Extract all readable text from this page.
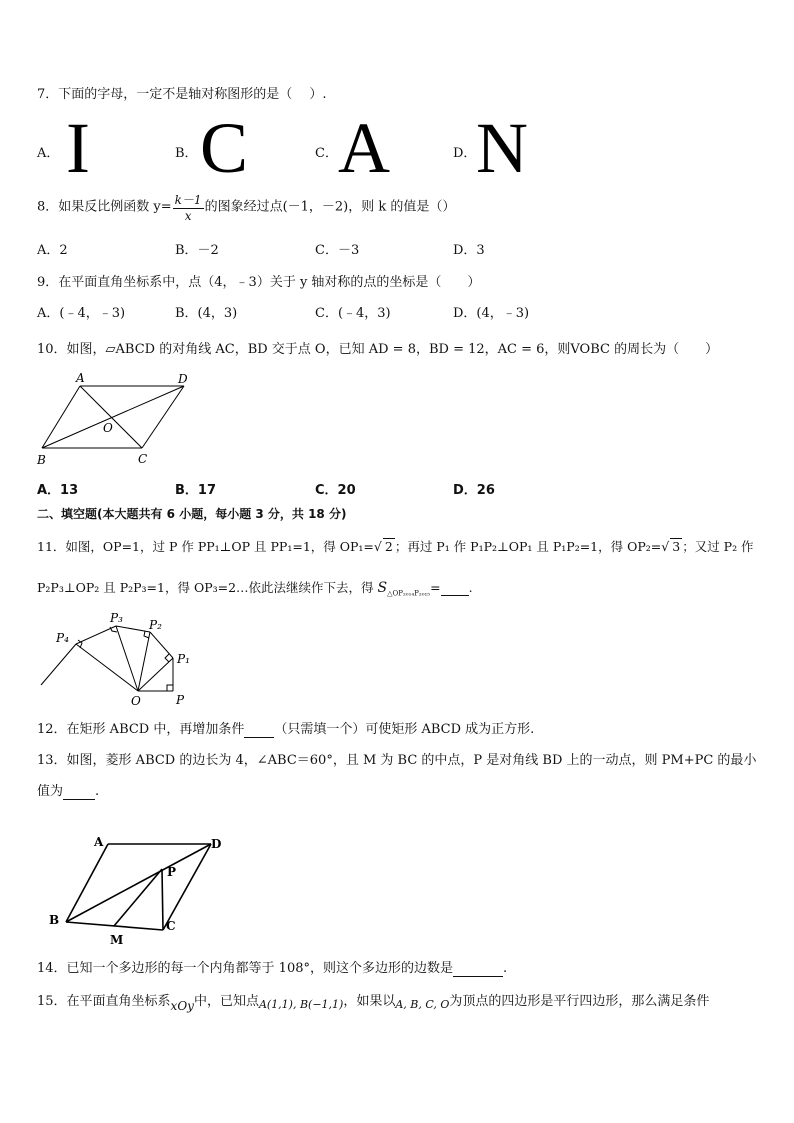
7．下面的字母，一定不是轴对称图形的是（　 ）.
A． I	B． C	C． A	D． N
8．如果反比例函数 $y= \frac{k-1}{x}$ 的图象经过点(－1，－2)，则 k 的值是（）
A．2	B．－2	C．－3	D．3
9．在平面直角坐标系中，点（4，﹣3）关于 y 轴对称的点的坐标是（　　）
A．(﹣4，﹣3)	B．(4，3)	C．(﹣4，3)	D．(4，﹣3)
10．如图，▱ABCD 的对角线 AC，BD 交于点 O，已知 AD = 8，BD = 12，AC = 6，则VOBC 的周长为（　　）
A	D
O
B	C
A．13	B．17	C．20	D．26
二、填空题(本大题共有 6 小题，每小题 3 分，共 18 分)
11．如图，OP=1，过 P 作 PP₁⊥OP 且 PP₁=1，得 OP₁=√ 2 ；再过 P₁ 作 P₁P₂⊥OP₁ 且 P₁P₂=1，得 OP₂=√ 3 ；又过 P₂ 作
P₂P₃⊥OP₂ 且 P₂P₃=1，得 OP₃=2…依此法继续作下去，得 $S_{\triangle OP_{2014}P_{2015}}=$ .
O	P
P₁
P₂
P₃
P₄
12．在矩形 ABCD 中，再增加条件 （只需填一个）可使矩形 ABCD 成为正方形.
13．如图，菱形 ABCD 的边长为 4，∠ABC＝60°，且 M 为 BC 的中点，P 是对角线 BD 上的一动点，则 PM+PC 的最小
值为 .
A	D
P
B	C
M
14．已知一个多边形的每一个内角都等于 108°，则这个多边形的边数是	.
15．在平面直角坐标系xOy中，已知点$_{A(1,1), B(-1,1)}$，如果以$_{A, B, C, O}$为顶点的四边形是平行四边形，那么满足条件
